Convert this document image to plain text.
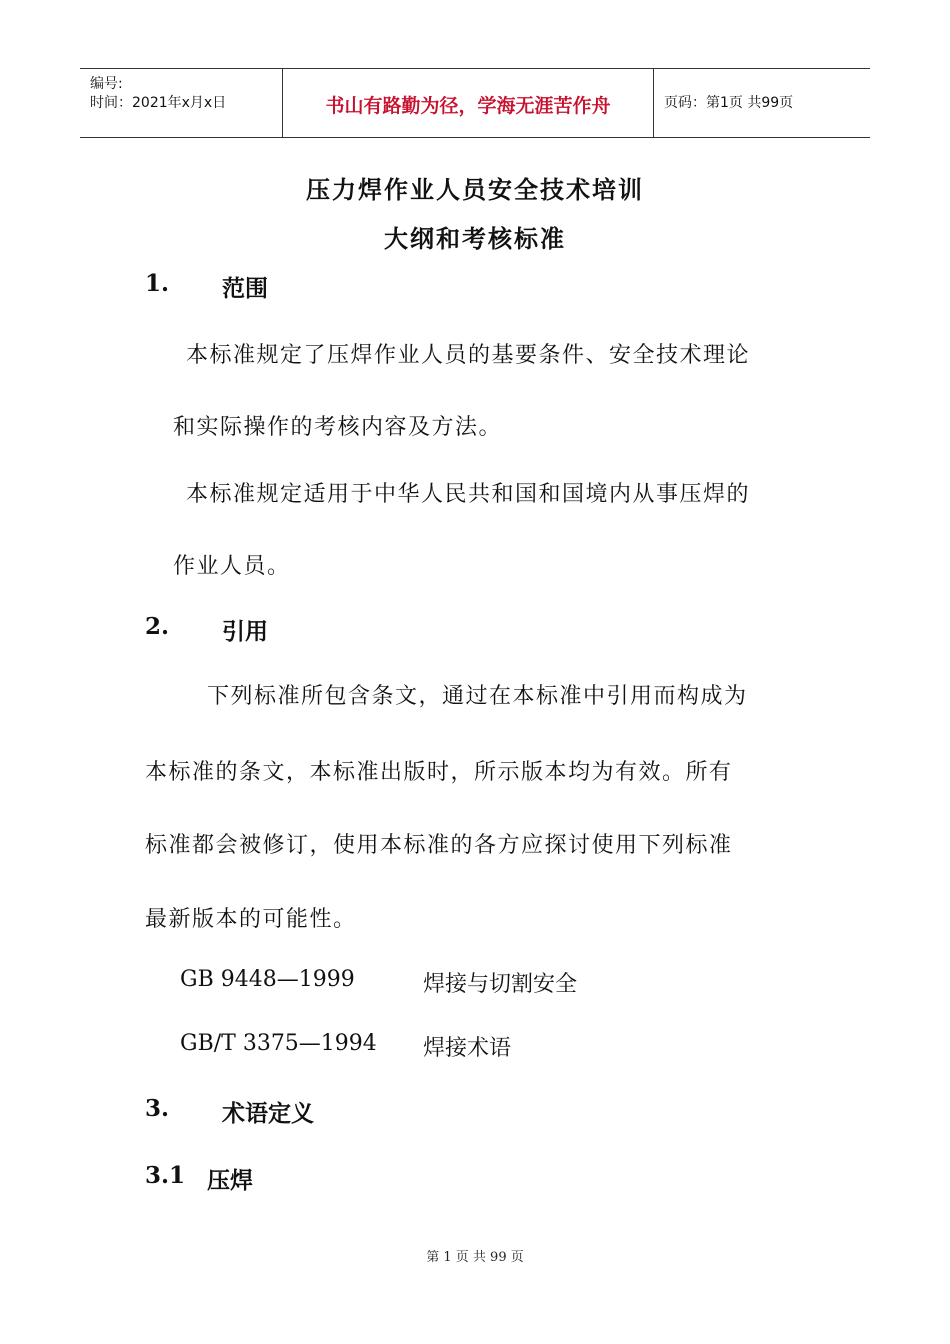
编号:
时间：2021年x月x日	书山有路勤为径，学海无涯苦作舟	页码：第1页 共99页
压力焊作业人员安全技术培训
大纲和考核标准
1. 范围
本标准规定了压焊作业人员的基要条件、安全技术理论
和实际操作的考核内容及方法。
本标准规定适用于中华人民共和国和国境内从事压焊的
作业人员。
2. 引用
下列标准所包含条文，通过在本标准中引用而构成为
本标准的条文，本标准出版时，所示版本均为有效。所有
标准都会被修订，使用本标准的各方应探讨使用下列标准
最新版本的可能性。
GB 9448—1999	焊接与切割安全
GB/T 3375—1994 焊接术语
3. 术语定义
3.1 压焊
第 1 页 共 99 页
